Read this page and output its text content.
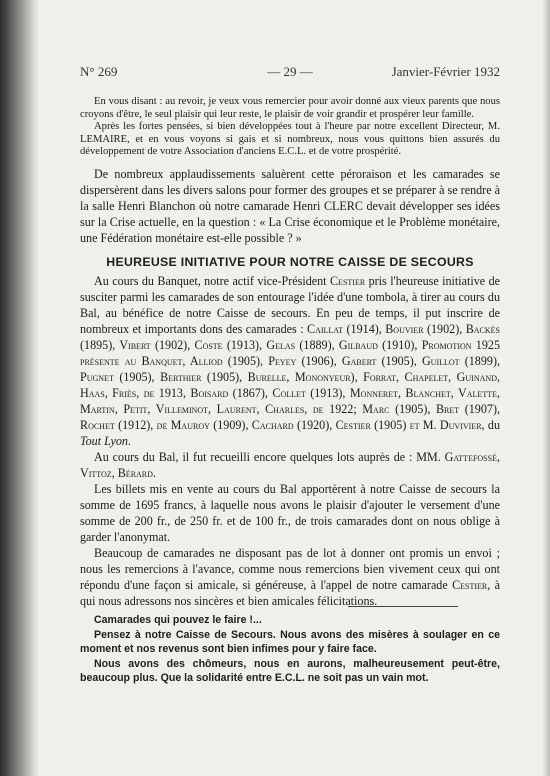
N° 269	— 29 —	Janvier-Février 1932

En vous disant : au revoir, je veux vous remercier pour avoir donné aux vieux parents que nous croyons d'être, le seul plaisir qui leur reste, le plaisir de voir grandir et prospérer leur famille.

Après les fortes pensées, si bien développées tout à l'heure par notre excellent Directeur, M. LEMAIRE, et en vous voyons si gais et si nombreux, nous vous quittons bien assurés du développement de votre Association d'anciens E.C.L. et de votre prospérité.

De nombreux applaudissements saluèrent cette péroraison et les camarades se dispersèrent dans les divers salons pour former des groupes et se préparer à se rendre à la salle Henri Blanchon où notre camarade Henri CLERC devait développer ses idées sur la Crise actuelle, en la question : « La Crise économique et le Problème monétaire, une Fédération monétaire est-elle possible ? »

HEUREUSE INITIATIVE POUR NOTRE CAISSE DE SECOURS

Au cours du Banquet, notre actif vice-Président Cestier pris l'heureuse initiative de susciter parmi les camarades de son entourage l'idée d'une tombola, à tirer au cours du Bal, au bénéfice de notre Caisse de secours. En peu de temps, il put inscrire de nombreux et importants dons des camarades : Caillat (1914), Bouvier (1902), Backès (1895), Vibert (1902), Coste (1913), Gelas (1889), Gilbaud (1910), Promotion 1925 présente au Banquet, Alliod (1905), Peyey (1906), Gabert (1905), Guillot (1899), Pugnet (1905), Berthier (1905), Burelle, Mononyeur), Forrat, Chapelet, Guinand, Haas, Friès, de 1913, Boisard (1867), Collet (1913), Monneret, Blanchet, Valette, Martin, Petit, Villeminot, Laurent, Charles, de 1922; Marc (1905), Bret (1907), Rochet (1912), de Mauroy (1909), Cachard (1920), Cestier (1905) et M. Duvivier, du Tout Lyon.

Au cours du Bal, il fut recueilli encore quelques lots auprès de : MM. Gattefossé, Vittoz, Bérard.

Les billets mis en vente au cours du Bal apportèrent à notre Caisse de secours la somme de 1695 francs, à laquelle nous avons le plaisir d'ajouter le versement d'une somme de 200 fr., de 250 fr. et de 100 fr., de trois camarades dont on nous oblige à garder l'anonymat.

Beaucoup de camarades ne disposant pas de lot à donner ont promis un envoi ; nous les remercions à l'avance, comme nous remercions bien vivement ceux qui ont répondu d'une façon si amicale, si généreuse, à l'appel de notre camarade Cestier, à qui nous adressons nos sincères et bien amicales félicitations.

Camarades qui pouvez le faire !...

Pensez à notre Caisse de Secours. Nous avons des misères à soulager en ce moment et nos revenus sont bien infimes pour y faire face.

Nous avons des chômeurs, nous en aurons, malheureusement peut-être, beaucoup plus. Que la solidarité entre E.C.L. ne soit pas un vain mot.
